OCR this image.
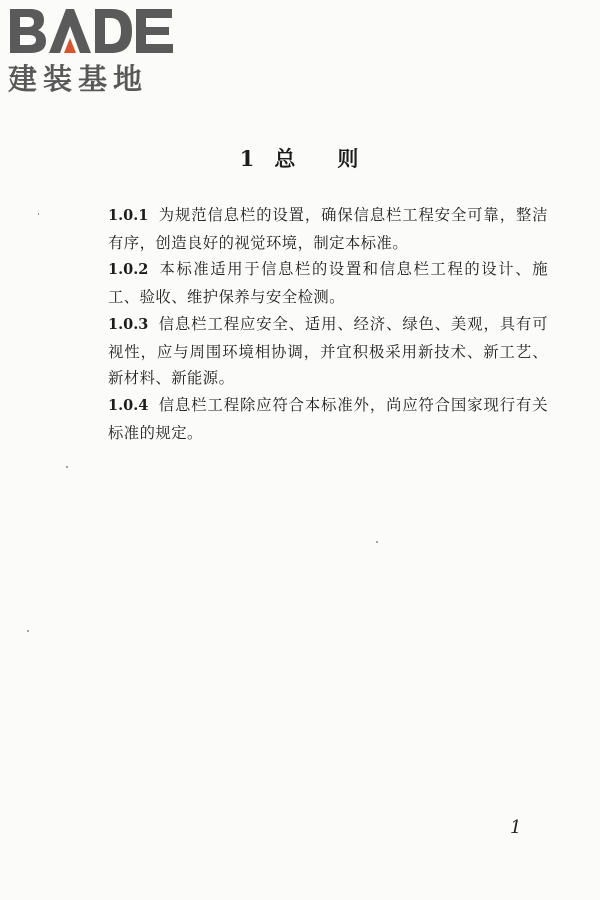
建装基地
1 总 则

1.0.1 为规范信息栏的设置，确保信息栏工程安全可靠，整洁有序，创造良好的视觉环境，制定本标准。

1.0.2 本标准适用于信息栏的设置和信息栏工程的设计、施工、验收、维护保养与安全检测。

1.0.3 信息栏工程应安全、适用、经济、绿色、美观，具有可视性，应与周围环境相协调，并宜积极采用新技术、新工艺、新材料、新能源。

1.0.4 信息栏工程除应符合本标准外，尚应符合国家现行有关标准的规定。

1
